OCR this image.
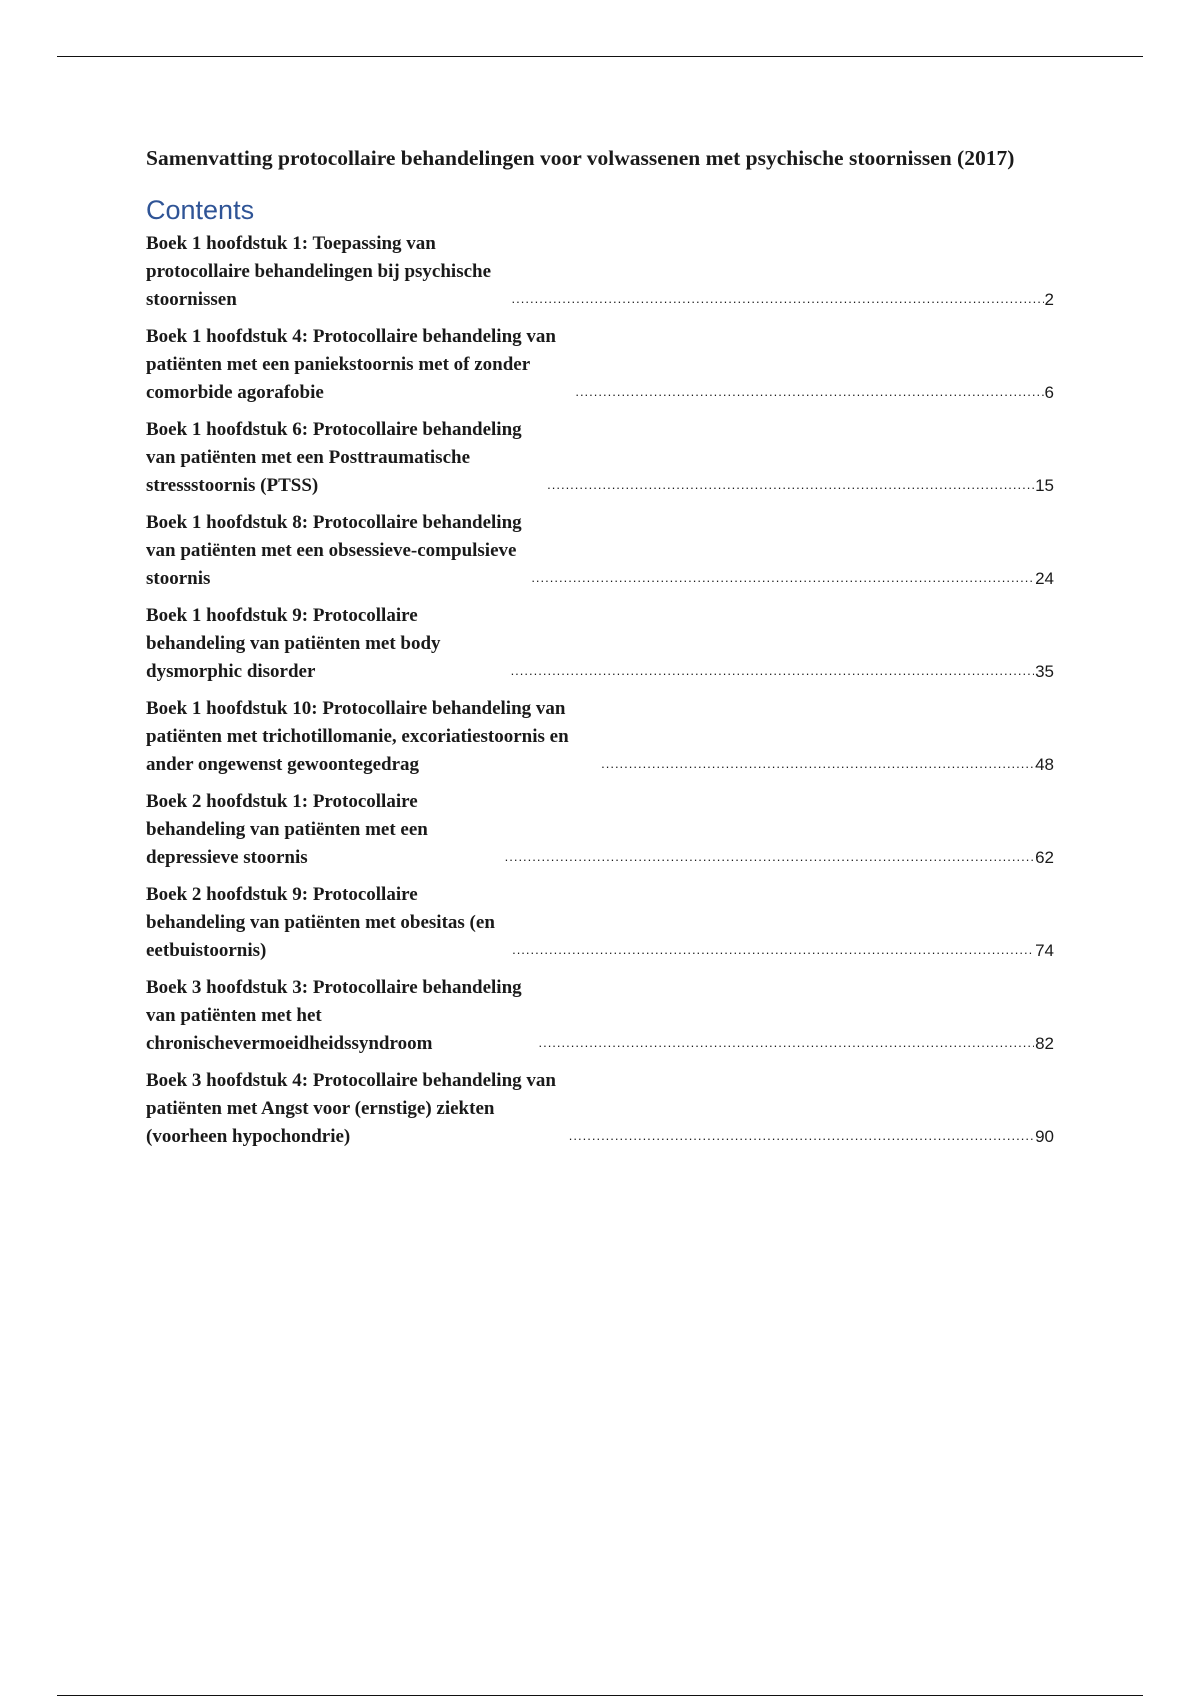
Samenvatting protocollaire behandelingen voor volwassenen met psychische stoornissen (2017)
Contents
Boek 1 hoofdstuk 1: Toepassing van protocollaire behandelingen bij psychische stoornissen .....	2
Boek 1 hoofdstuk 4: Protocollaire behandeling van patiënten met een paniekstoornis met of zonder comorbide agorafobie .....	6
Boek 1 hoofdstuk 6: Protocollaire behandeling van patiënten met een Posttraumatische stressstoornis (PTSS) .....	15
Boek 1 hoofdstuk 8: Protocollaire behandeling van patiënten met een obsessieve-compulsieve stoornis .....	24
Boek 1 hoofdstuk 9: Protocollaire behandeling van patiënten met body dysmorphic disorder .....	35
Boek 1 hoofdstuk 10: Protocollaire behandeling van patiënten met trichotillomanie, excoriatiestoornis en ander ongewenst gewoontegedrag .....	48
Boek 2 hoofdstuk 1: Protocollaire behandeling van patiënten met een depressieve stoornis .....	62
Boek 2 hoofdstuk 9: Protocollaire behandeling van patiënten met obesitas (en eetbuistoornis) .....	74
Boek 3 hoofdstuk 3: Protocollaire behandeling van patiënten met het chronischevermoeidheidssyndroom .....	82
Boek 3 hoofdstuk 4: Protocollaire behandeling van patiënten met Angst voor (ernstige) ziekten (voorheen hypochondrie) .....	90
